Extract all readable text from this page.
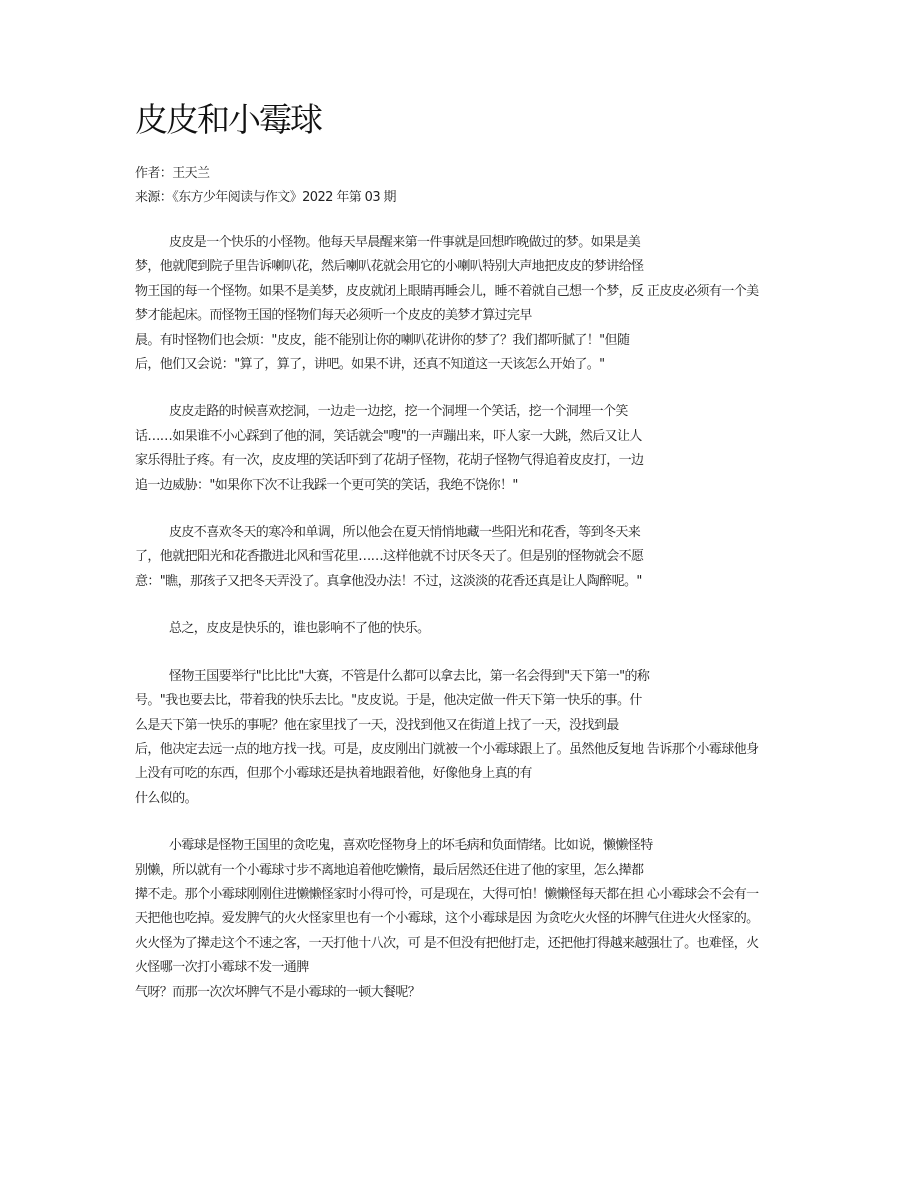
皮皮和小霉球
作者：王天兰
来源：《东方少年阅读与作文》2022 年第 03 期

皮皮是一个快乐的小怪物。他每天早晨醒来第一件事就是回想昨晚做过的梦。如果是美
梦，他就爬到院子里告诉喇叭花，然后喇叭花就会用它的小喇叭特别大声地把皮皮的梦讲给怪
物王国的每一个怪物。如果不是美梦，皮皮就闭上眼睛再睡会儿，睡不着就自己想一个梦，反 正皮皮必须有一个美
梦才能起床。而怪物王国的怪物们每天必须听一个皮皮的美梦才算过完早
晨。有时怪物们也会烦："皮皮，能不能别让你的喇叭花讲你的梦了？我们都听腻了！"但随
后，他们又会说："算了，算了，讲吧。如果不讲，还真不知道这一天该怎么开始了。"

皮皮走路的时候喜欢挖洞，一边走一边挖，挖一个洞埋一个笑话，挖一个洞埋一个笑
话……如果谁不小心踩到了他的洞，笑话就会"嗖"的一声蹦出来，吓人家一大跳，然后又让人
家乐得肚子疼。有一次，皮皮埋的笑话吓到了花胡子怪物，花胡子怪物气得追着皮皮打，一边
追一边威胁："如果你下次不让我踩一个更可笑的笑话，我绝不饶你！"

皮皮不喜欢冬天的寒冷和单调，所以他会在夏天悄悄地藏一些阳光和花香，等到冬天来
了，他就把阳光和花香撒进北风和雪花里……这样他就不讨厌冬天了。但是别的怪物就会不愿
意："瞧，那孩子又把冬天弄没了。真拿他没办法！不过，这淡淡的花香还真是让人陶醉呢。"

总之，皮皮是快乐的，谁也影响不了他的快乐。

怪物王国要举行"比比比"大赛，不管是什么都可以拿去比，第一名会得到"天下第一"的称
号。"我也要去比，带着我的快乐去比。"皮皮说。于是，他决定做一件天下第一快乐的事。什
么是天下第一快乐的事呢？他在家里找了一天，没找到他又在街道上找了一天，没找到最
后，他决定去远一点的地方找一找。可是，皮皮刚出门就被一个小霉球跟上了。虽然他反复地 告诉那个小霉球他身
上没有可吃的东西，但那个小霉球还是执着地跟着他，好像他身上真的有
什么似的。

小霉球是怪物王国里的贪吃鬼，喜欢吃怪物身上的坏毛病和负面情绪。比如说，懒懒怪特
别懒，所以就有一个小霉球寸步不离地追着他吃懒惰，最后居然还住进了他的家里，怎么撵都
撵不走。那个小霉球刚刚住进懒懒怪家时小得可怜，可是现在，大得可怕！懒懒怪每天都在担 心小霉球会不会有一
天把他也吃掉。爱发脾气的火火怪家里也有一个小霉球，这个小霉球是因 为贪吃火火怪的坏脾气住进火火怪家的。
火火怪为了撵走这个不速之客，一天打他十八次，可 是不但没有把他打走，还把他打得越来越强壮了。也难怪，火
火怪哪一次打小霉球不发一通脾
气呀？而那一次次坏脾气不是小霉球的一顿大餐呢？
